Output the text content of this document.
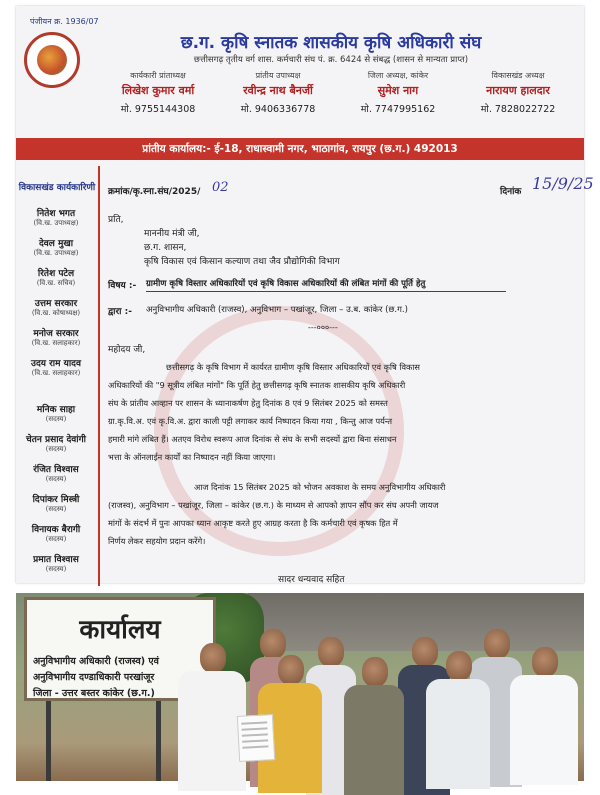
पंजीयन क्र. 1936/07
छ.ग. कृषि स्नातक शासकीय कृषि अधिकारी संघ
छत्तीसगढ़ तृतीय वर्ग शास. कर्मचारी संघ पं. क्र. 6424 से संबद्ध (शासन से मान्यता प्राप्त)
कार्यकारी प्रांताध्यक्ष
लिखेश कुमार वर्मा
मो. 9755144308
प्रांतीय उपाध्यक्ष
रवीन्द्र नाथ बैनर्जी
मो. 9406336778
जिला अध्यक्ष, कांकेर
सुमेश नाग
मो. 7747995162
विकासखंड अध्यक्ष
नारायण हालदार
मो. 7828022722
प्रांतीय कार्यालय:- ई-18, राधास्वामी नगर, भाठागांव, रायपुर (छ.ग.) 492013
विकासखंड कार्यकारिणी
नितेश भगत
(वि.ख. उपाध्यक्ष)
देवल मुखा
(वि.ख. उपाध्यक्ष)
रितेश पटेल
(वि.ख. सचिव)
उत्तम सरकार
(वि.ख. कोषाध्यक्ष)
मनोज सरकार
(वि.ख. सलाहकार)
उदय राम यादव
(वि.ख. सलाहकार)
मनिक साहा
(सदस्य)
चेतन प्रसाद देवांगी
(सदस्य)
रंजित विश्वास
(सदस्य)
दिपांकर मिस्त्री
(सदस्य)
विनायक बैरागी
(सदस्य)
प्रमात विश्वास
(सदस्य)
क्रमांक/कृ.स्ना.संघ/2025/ 02	दिनांक 15/9/25
प्रति,
माननीय मंत्री जी,
छ.ग. शासन,
कृषि विकास एवं किसान कल्याण तथा जैव प्रौद्योगिकी विभाग
विषय :- ग्रामीण कृषि विस्तार अधिकारियों एवं कृषि विकास अधिकारियों की लंबित मांगों की पूर्ति हेतु
द्वारा :- अनुविभागीय अधिकारी (राजस्व), अनुविभाग – पखांजूर, जिला – उ.ब. कांकेर (छ.ग.)
---०००---
महोदय जी,
छत्तीसगढ़ के कृषि विभाग में कार्यरत ग्रामीण कृषि विस्तार अधिकारियों एवं कृषि विकास
अधिकारियों की "9 सूत्रीय लंबित मांगों" कि पूर्ति हेतु छत्तीसगढ़ कृषि स्नातक शासकीय कृषि अधिकारी
संघ के प्रांतीय आव्हान पर शासन के ध्यानाकर्षण हेतु दिनांक 8 एवं 9 सितंबर 2025 को समस्त
ग्रा.कृ.वि.अ. एवं कृ.वि.अ. द्वारा काली पट्टी लगाकर कार्य निष्पादन किया गया , किन्तु आज पर्यन्त
हमारी मांगे लंबित हैं। अतएव विरोध स्वरूप आज दिनांक से संघ के सभी सदस्यों द्वारा बिना संसाधन
भत्ता के ऑनलाईन कार्यों का निष्पादन नहीं किया जाएगा।
आज दिनांक 15 सितंबर 2025 को भोजन अवकाश के समय अनुविभागीय अधिकारी
(राजस्व), अनुविभाग – पखांजूर, जिला – कांकेर (छ.ग.) के माध्यम से आपको ज्ञापन सौंप कर संघ अपनी जायज
मांगों के संदर्भ में पुनः आपका ध्यान आकृष्ट करते हुए आग्रह करता है कि कर्मचारी एवं कृषक हित में
निर्णय लेकर सहयोग प्रदान करेंगे।
सादर धन्यवाद सहित
कार्यालय
अनुविभागीय अधिकारी (राजस्व) एवं
अनुविभागीय दण्डाधिकारी परखांजूर
जिला - उत्तर बस्तर कांकेर (छ.ग.)
